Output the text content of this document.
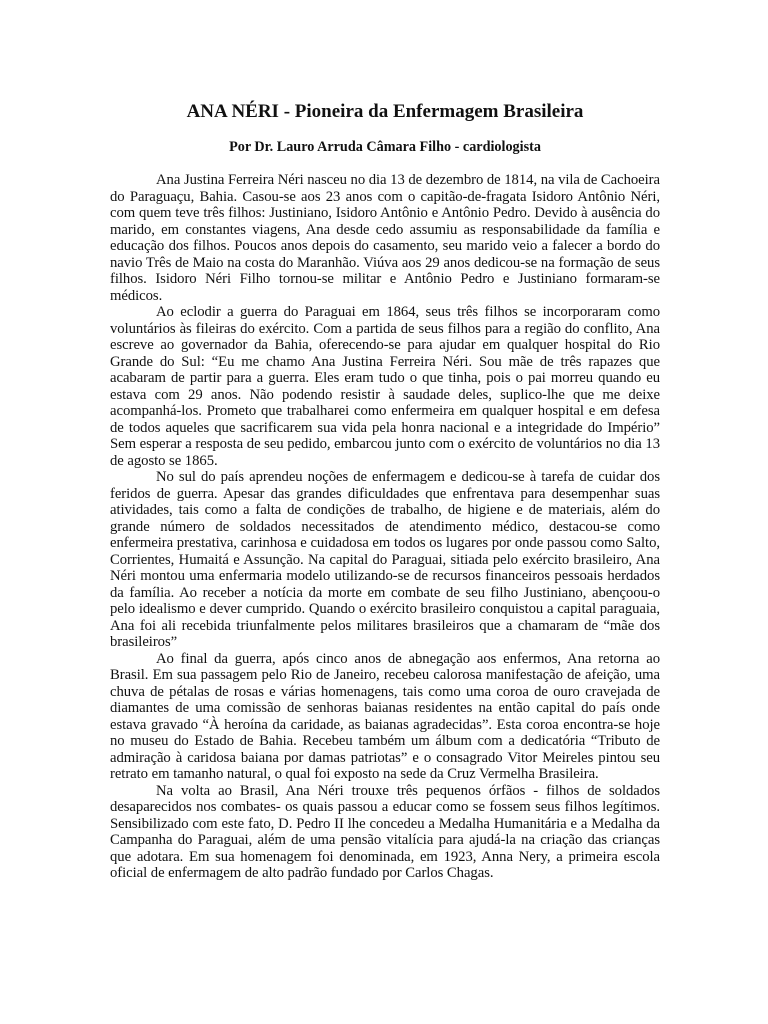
ANA NÉRI - Pioneira da Enfermagem Brasileira

Por Dr. Lauro Arruda Câmara Filho - cardiologista

Ana Justina Ferreira Néri nasceu no dia 13 de dezembro de 1814, na vila de Cachoeira do Paraguaçu, Bahia. Casou-se aos 23 anos com o capitão-de-fragata Isidoro Antônio Néri, com quem teve três filhos: Justiniano, Isidoro Antônio e Antônio Pedro. Devido à ausência do marido, em constantes viagens, Ana desde cedo assumiu as responsabilidade da família e educação dos filhos. Poucos anos depois do casamento, seu marido veio a falecer a bordo do navio Três de Maio na costa do Maranhão. Viúva aos 29 anos dedicou-se na formação de seus filhos. Isidoro Néri Filho tornou-se militar e Antônio Pedro e Justiniano formaram-se médicos.

Ao eclodir a guerra do Paraguai em 1864, seus três filhos se incorporaram como voluntários às fileiras do exército. Com a partida de seus filhos para a região do conflito, Ana escreve ao governador da Bahia, oferecendo-se para ajudar em qualquer hospital do Rio Grande do Sul: “Eu me chamo Ana Justina Ferreira Néri. Sou mãe de três rapazes que acabaram de partir para a guerra. Eles eram tudo o que tinha, pois o pai morreu quando eu estava com 29 anos. Não podendo resistir à saudade deles, suplico-lhe que me deixe acompanhá-los. Prometo que trabalharei como enfermeira em qualquer hospital e em defesa de todos aqueles que sacrificarem sua vida pela honra nacional e a integridade do Império” Sem esperar a resposta de seu pedido, embarcou junto com o exército de voluntários no dia 13 de agosto se 1865.

No sul do país aprendeu noções de enfermagem e dedicou-se à tarefa de cuidar dos feridos de guerra. Apesar das grandes dificuldades que enfrentava para desempenhar suas atividades, tais como a falta de condições de trabalho, de higiene e de materiais, além do grande número de soldados necessitados de atendimento médico, destacou-se como enfermeira prestativa, carinhosa e cuidadosa em todos os lugares por onde passou como Salto, Corrientes, Humaitá e Assunção. Na capital do Paraguai, sitiada pelo exército brasileiro, Ana Néri montou uma enfermaria modelo utilizando-se de recursos financeiros pessoais herdados da família. Ao receber a notícia da morte em combate de seu filho Justiniano, abençoou-o pelo idealismo e dever cumprido. Quando o exército brasileiro conquistou a capital paraguaia, Ana foi ali recebida triunfalmente pelos militares brasileiros que a chamaram de “mãe dos brasileiros”

Ao final da guerra, após cinco anos de abnegação aos enfermos, Ana retorna ao Brasil. Em sua passagem pelo Rio de Janeiro, recebeu calorosa manifestação de afeição, uma chuva de pétalas de rosas e várias homenagens, tais como uma coroa de ouro cravejada de diamantes de uma comissão de senhoras baianas residentes na então capital do país onde estava gravado “À heroína da caridade, as baianas agradecidas”. Esta coroa encontra-se hoje no museu do Estado de Bahia. Recebeu também um álbum com a dedicatória “Tributo de admiração à caridosa baiana por damas patriotas” e o consagrado Vitor Meireles pintou seu retrato em tamanho natural, o qual foi exposto na sede da Cruz Vermelha Brasileira.

Na volta ao Brasil, Ana Néri trouxe três pequenos órfãos - filhos de soldados desaparecidos nos combates- os quais passou a educar como se fossem seus filhos legítimos. Sensibilizado com este fato, D. Pedro II lhe concedeu a Medalha Humanitária e a Medalha da Campanha do Paraguai, além de uma pensão vitalícia para ajudá-la na criação das crianças que adotara. Em sua homenagem foi denominada, em 1923, Anna Nery, a primeira escola oficial de enfermagem de alto padrão fundado por Carlos Chagas.
